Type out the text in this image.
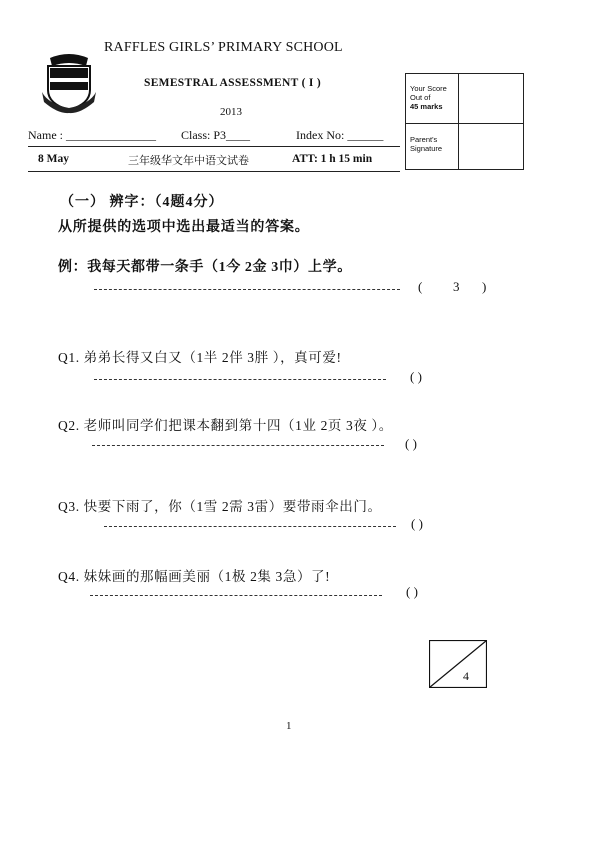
RAFFLES GIRLS’ PRIMARY SCHOOL
SEMESTRAL ASSESSMENT ( I )
2013
Your Score Out of
45 marks
Parent's Signature
Name : _______________ Class: P3____	Index No: ______
8 May	三年级华文年中语文试卷	ATT: 1 h 15 min
（一） 辨字：（4题4分）
从所提供的选项中选出最适当的答案。
例：我每天都带一条手（1今 2金 3巾）上学。
( 3 )
Q1. 弟弟长得又白又（1半 2伴 3胖 ），真可爱!
( )
Q2. 老师叫同学们把课本翻到第十四（1业 2页 3夜 ）。
( )
Q3. 快要下雨了，你（1雪 2需 3雷）要带雨伞出门。
( )
Q4. 妹妹画的那幅画美丽（1极 2集 3急）了!
( )
4
1
